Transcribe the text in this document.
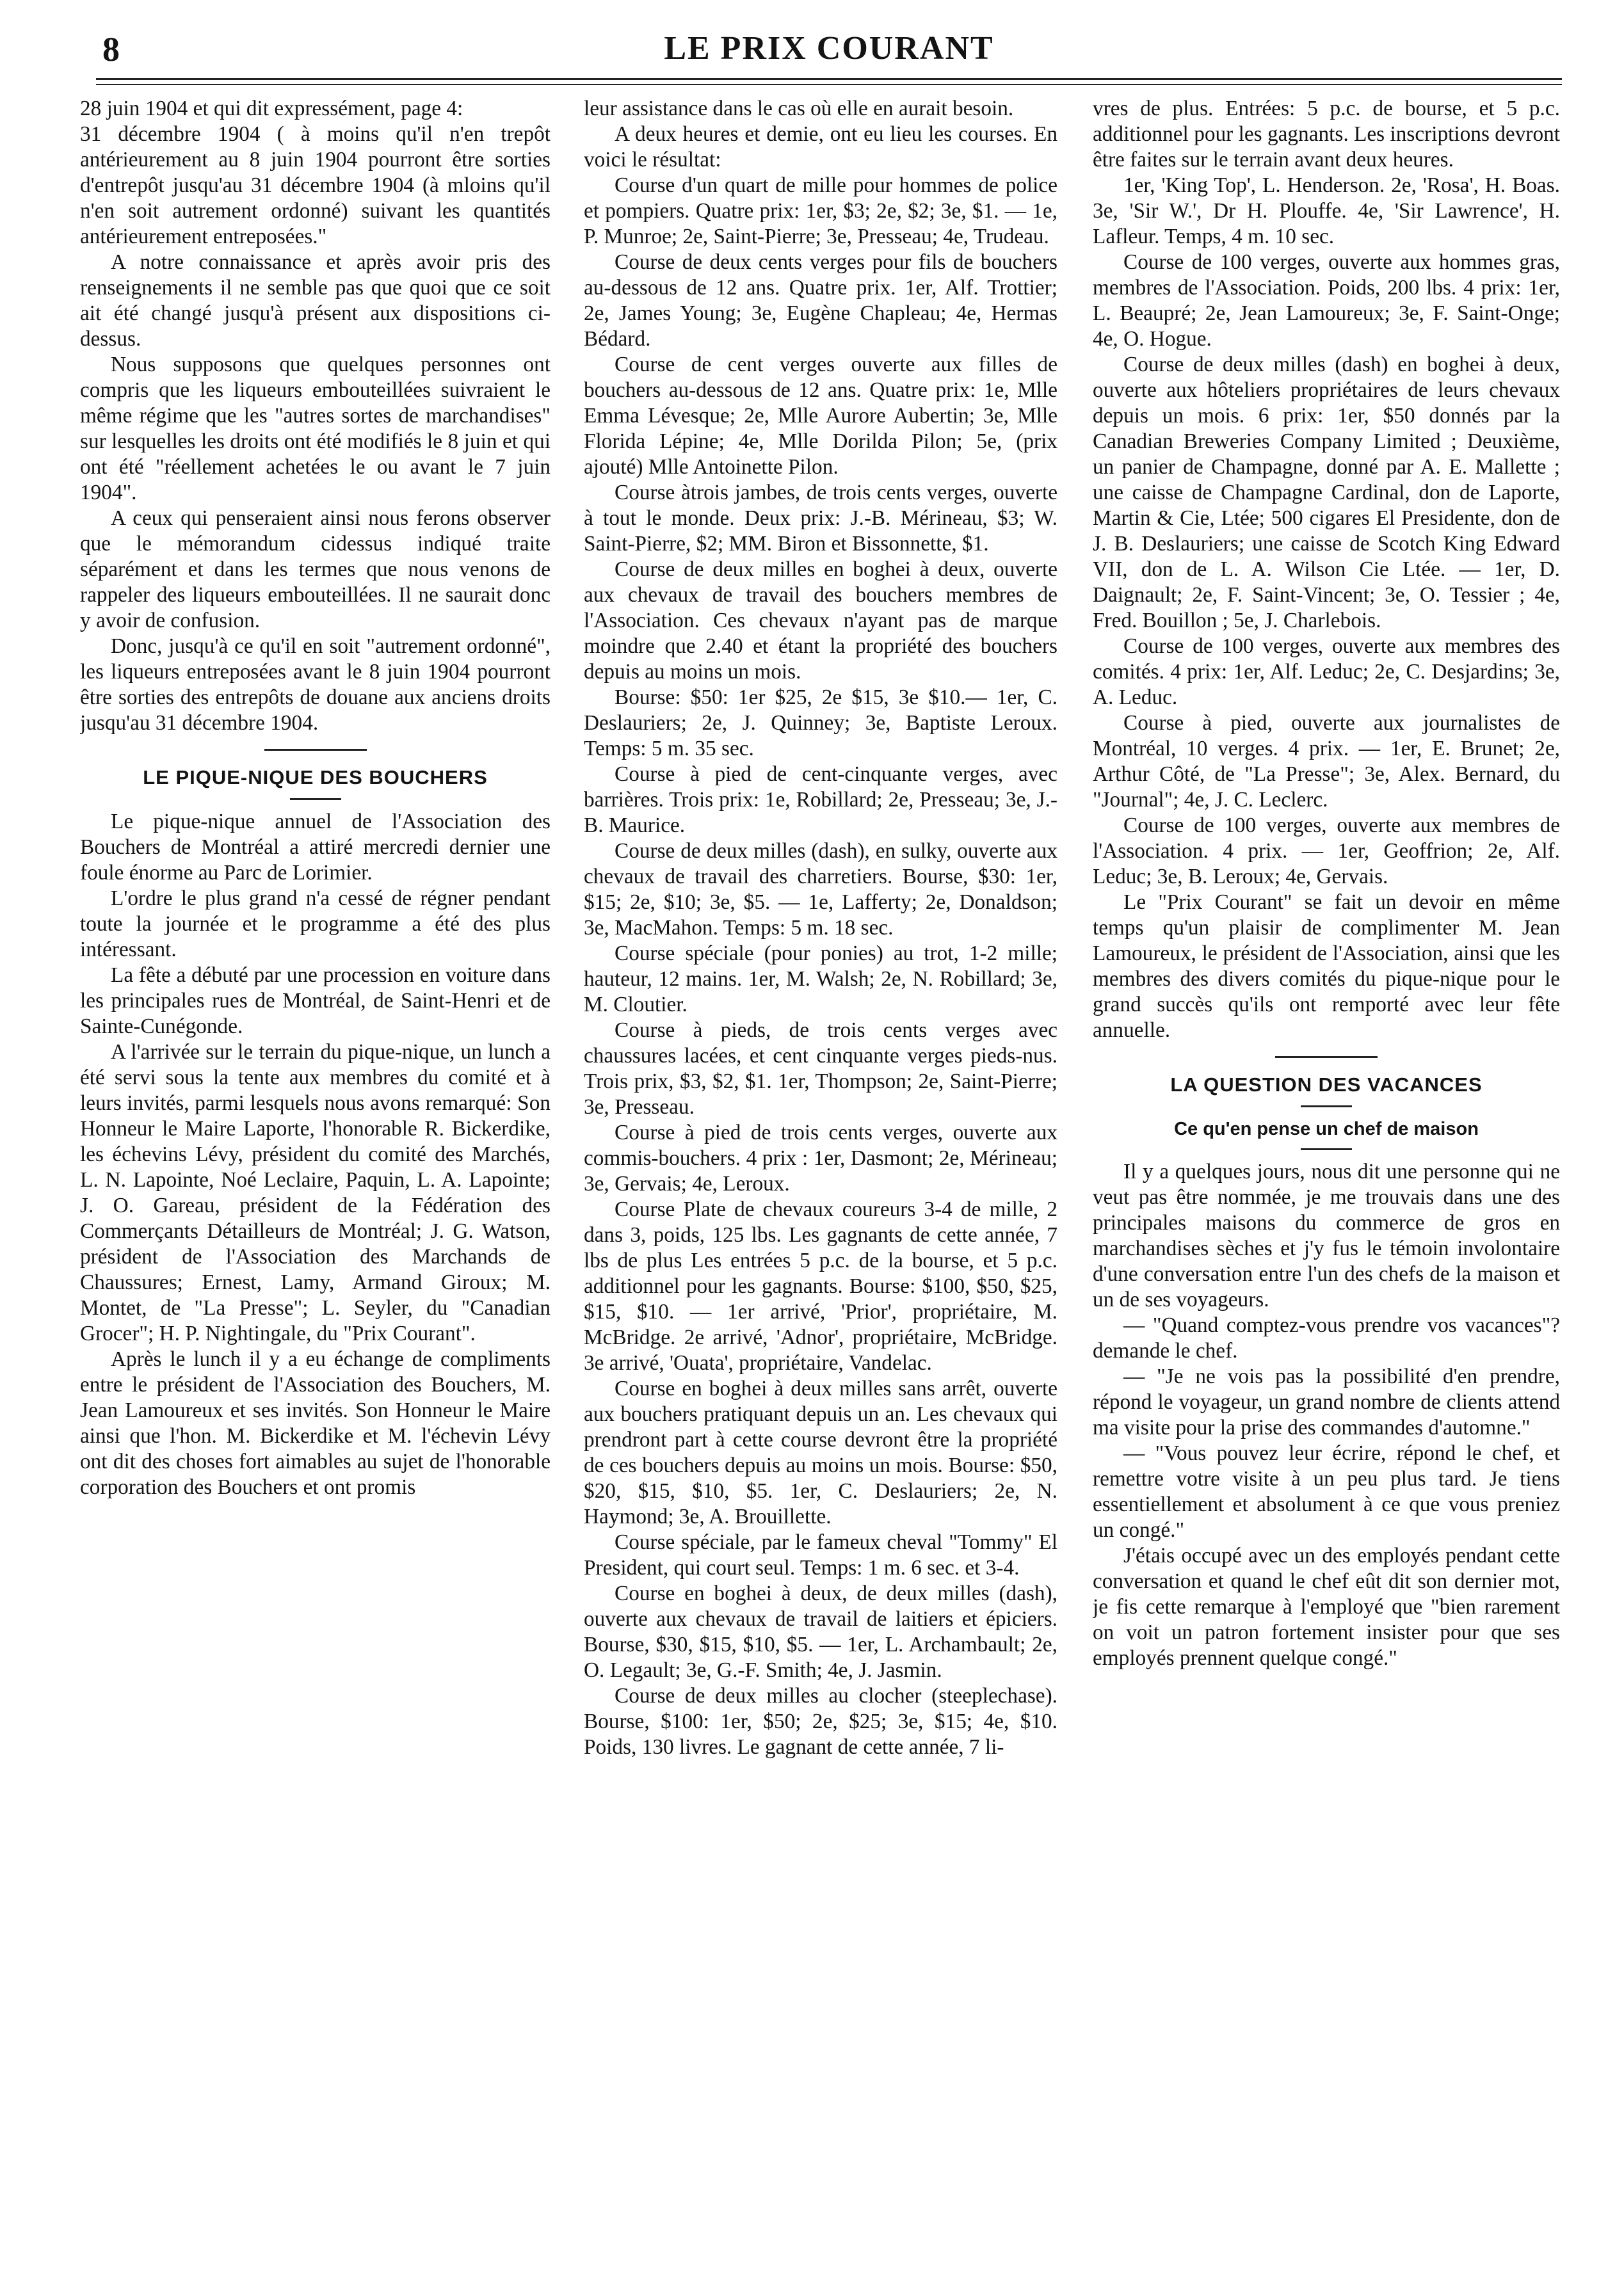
8	LE PRIX COURANT

28 juin 1904 et qui dit expressément, page 4:

31 décembre 1904 ( à moins qu'il n'en trepôt antérieurement au 8 juin 1904 pourront être sorties d'entrepôt jusqu'au 31 décembre 1904 (à mloins qu'il n'en soit autrement ordonné) suivant les quantités antérieurement entreposées."

A notre connaissance et après avoir pris des renseignements il ne semble pas que quoi que ce soit ait été changé jusqu'à présent aux dispositions ci-dessus.

Nous supposons que quelques personnes ont compris que les liqueurs embouteillées suivraient le même régime que les "autres sortes de marchandises" sur lesquelles les droits ont été modifiés le 8 juin et qui ont été "réellement achetées le ou avant le 7 juin 1904".

A ceux qui penseraient ainsi nous ferons observer que le mémorandum cidessus indiqué traite séparément et dans les termes que nous venons de rappeler des liqueurs embouteillées. Il ne saurait donc y avoir de confusion.

Donc, jusqu'à ce qu'il en soit "autrement ordonné", les liqueurs entreposées avant le 8 juin 1904 pourront être sorties des entrepôts de douane aux anciens droits jusqu'au 31 décembre 1904.

LE PIQUE-NIQUE DES BOUCHERS

Le pique-nique annuel de l'Association des Bouchers de Montréal a attiré mercredi dernier une foule énorme au Parc de Lorimier.

L'ordre le plus grand n'a cessé de régner pendant toute la journée et le programme a été des plus intéressant.

La fête a débuté par une procession en voiture dans les principales rues de Montréal, de Saint-Henri et de Sainte-Cunégonde.

A l'arrivée sur le terrain du pique-nique, un lunch a été servi sous la tente aux membres du comité et à leurs invités, parmi lesquels nous avons remarqué: Son Honneur le Maire Laporte, l'honorable R. Bickerdike, les échevins Lévy, président du comité des Marchés, L. N. Lapointe, Noé Leclaire, Paquin, L. A. Lapointe; J. O. Gareau, président de la Fédération des Commerçants Détailleurs de Montréal; J. G. Watson, président de l'Association des Marchands de Chaussures; Ernest, Lamy, Armand Giroux; M. Montet, de "La Presse"; L. Seyler, du "Canadian Grocer"; H. P. Nightingale, du "Prix Courant".

Après le lunch il y a eu échange de compliments entre le président de l'Association des Bouchers, M. Jean Lamoureux et ses invités. Son Honneur le Maire ainsi que l'hon. M. Bickerdike et M. l'échevin Lévy ont dit des choses fort aimables au sujet de l'honorable corporation des Bouchers et ont promis

leur assistance dans le cas où elle en aurait besoin.

A deux heures et demie, ont eu lieu les courses. En voici le résultat:

Course d'un quart de mille pour hommes de police et pompiers. Quatre prix: 1er, $3; 2e, $2; 3e, $1. — 1e, P. Munroe; 2e, Saint-Pierre; 3e, Presseau; 4e, Trudeau.

Course de deux cents verges pour fils de bouchers au-dessous de 12 ans. Quatre prix. 1er, Alf. Trottier; 2e, James Young; 3e, Eugène Chapleau; 4e, Hermas Bédard.

Course de cent verges ouverte aux filles de bouchers au-dessous de 12 ans. Quatre prix: 1e, Mlle Emma Lévesque; 2e, Mlle Aurore Aubertin; 3e, Mlle Florida Lépine; 4e, Mlle Dorilda Pilon; 5e, (prix ajouté) Mlle Antoinette Pilon.

Course àtrois jambes, de trois cents verges, ouverte à tout le monde. Deux prix: J.-B. Mérineau, $3; W. Saint-Pierre, $2; MM. Biron et Bissonnette, $1.

Course de deux milles en boghei à deux, ouverte aux chevaux de travail des bouchers membres de l'Association. Ces chevaux n'ayant pas de marque moindre que 2.40 et étant la propriété des bouchers depuis au moins un mois.

Bourse: $50: 1er $25, 2e $15, 3e $10.— 1er, C. Deslauriers; 2e, J. Quinney; 3e, Baptiste Leroux. Temps: 5 m. 35 sec.

Course à pied de cent-cinquante verges, avec barrières. Trois prix: 1e, Robillard; 2e, Presseau; 3e, J.-B. Maurice.

Course de deux milles (dash), en sulky, ouverte aux chevaux de travail des charretiers. Bourse, $30: 1er, $15; 2e, $10; 3e, $5. — 1e, Lafferty; 2e, Donaldson; 3e, MacMahon. Temps: 5 m. 18 sec.

Course spéciale (pour ponies) au trot, 1-2 mille; hauteur, 12 mains. 1er, M. Walsh; 2e, N. Robillard; 3e, M. Cloutier.

Course à pieds, de trois cents verges avec chaussures lacées, et cent cinquante verges pieds-nus. Trois prix, $3, $2, $1. 1er, Thompson; 2e, Saint-Pierre; 3e, Presseau.

Course à pied de trois cents verges, ouverte aux commis-bouchers. 4 prix : 1er, Dasmont; 2e, Mérineau; 3e, Gervais; 4e, Leroux.

Course Plate de chevaux coureurs 3-4 de mille, 2 dans 3, poids, 125 lbs. Les gagnants de cette année, 7 lbs de plus Les entrées 5 p.c. de la bourse, et 5 p.c. additionnel pour les gagnants. Bourse: $100, $50, $25, $15, $10. — 1er arrivé, 'Prior', propriétaire, M. McBridge. 2e arrivé, 'Adnor', propriétaire, McBridge. 3e arrivé, 'Ouata', propriétaire, Vandelac.

Course en boghei à deux milles sans arrêt, ouverte aux bouchers pratiquant depuis un an. Les chevaux qui prendront part à cette course devront être la propriété de ces bouchers depuis au moins un mois. Bourse: $50, $20, $15, $10, $5. 1er, C. Deslauriers; 2e, N. Haymond; 3e, A. Brouillette.

Course spéciale, par le fameux cheval "Tommy" El President, qui court seul. Temps: 1 m. 6 sec. et 3-4.

Course en boghei à deux, de deux milles (dash), ouverte aux chevaux de travail de laitiers et épiciers. Bourse, $30, $15, $10, $5. — 1er, L. Archambault; 2e, O. Legault; 3e, G.-F. Smith; 4e, J. Jasmin.

Course de deux milles au clocher (steeplechase). Bourse, $100: 1er, $50; 2e, $25; 3e, $15; 4e, $10. Poids, 130 livres. Le gagnant de cette année, 7 li-

vres de plus. Entrées: 5 p.c. de bourse, et 5 p.c. additionnel pour les gagnants. Les inscriptions devront être faites sur le terrain avant deux heures.

1er, 'King Top', L. Henderson. 2e, 'Rosa', H. Boas. 3e, 'Sir W.', Dr H. Plouffe. 4e, 'Sir Lawrence', H. Lafleur. Temps, 4 m. 10 sec.

Course de 100 verges, ouverte aux hommes gras, membres de l'Association. Poids, 200 lbs. 4 prix: 1er, L. Beaupré; 2e, Jean Lamoureux; 3e, F. Saint-Onge; 4e, O. Hogue.

Course de deux milles (dash) en boghei à deux, ouverte aux hôteliers propriétaires de leurs chevaux depuis un mois. 6 prix: 1er, $50 donnés par la Canadian Breweries Company Limited ; Deuxième, un panier de Champagne, donné par A. E. Mallette ; une caisse de Champagne Cardinal, don de Laporte, Martin & Cie, Ltée; 500 cigares El Presidente, don de J. B. Deslauriers; une caisse de Scotch King Edward VII, don de L. A. Wilson Cie Ltée. — 1er, D. Daignault; 2e, F. Saint-Vincent; 3e, O. Tessier ; 4e, Fred. Bouillon ; 5e, J. Charlebois.

Course de 100 verges, ouverte aux membres des comités. 4 prix: 1er, Alf. Leduc; 2e, C. Desjardins; 3e, A. Leduc.

Course à pied, ouverte aux journalistes de Montréal, 10 verges. 4 prix. — 1er, E. Brunet; 2e, Arthur Côté, de "La Presse"; 3e, Alex. Bernard, du "Journal"; 4e, J. C. Leclerc.

Course de 100 verges, ouverte aux membres de l'Association. 4 prix. — 1er, Geoffrion; 2e, Alf. Leduc; 3e, B. Leroux; 4e, Gervais.

Le "Prix Courant" se fait un devoir en même temps qu'un plaisir de complimenter M. Jean Lamoureux, le président de l'Association, ainsi que les membres des divers comités du pique-nique pour le grand succès qu'ils ont remporté avec leur fête annuelle.

LA QUESTION DES VACANCES
Ce qu'en pense un chef de maison

Il y a quelques jours, nous dit une personne qui ne veut pas être nommée, je me trouvais dans une des principales maisons du commerce de gros en marchandises sèches et j'y fus le témoin involontaire d'une conversation entre l'un des chefs de la maison et un de ses voyageurs.

— "Quand comptez-vous prendre vos vacances"? demande le chef.

— "Je ne vois pas la possibilité d'en prendre, répond le voyageur, un grand nombre de clients attend ma visite pour la prise des commandes d'automne."

— "Vous pouvez leur écrire, répond le chef, et remettre votre visite à un peu plus tard. Je tiens essentiellement et absolument à ce que vous preniez un congé."

J'étais occupé avec un des employés pendant cette conversation et quand le chef eût dit son dernier mot, je fis cette remarque à l'employé que "bien rarement on voit un patron fortement insister pour que ses employés prennent quelque congé."
